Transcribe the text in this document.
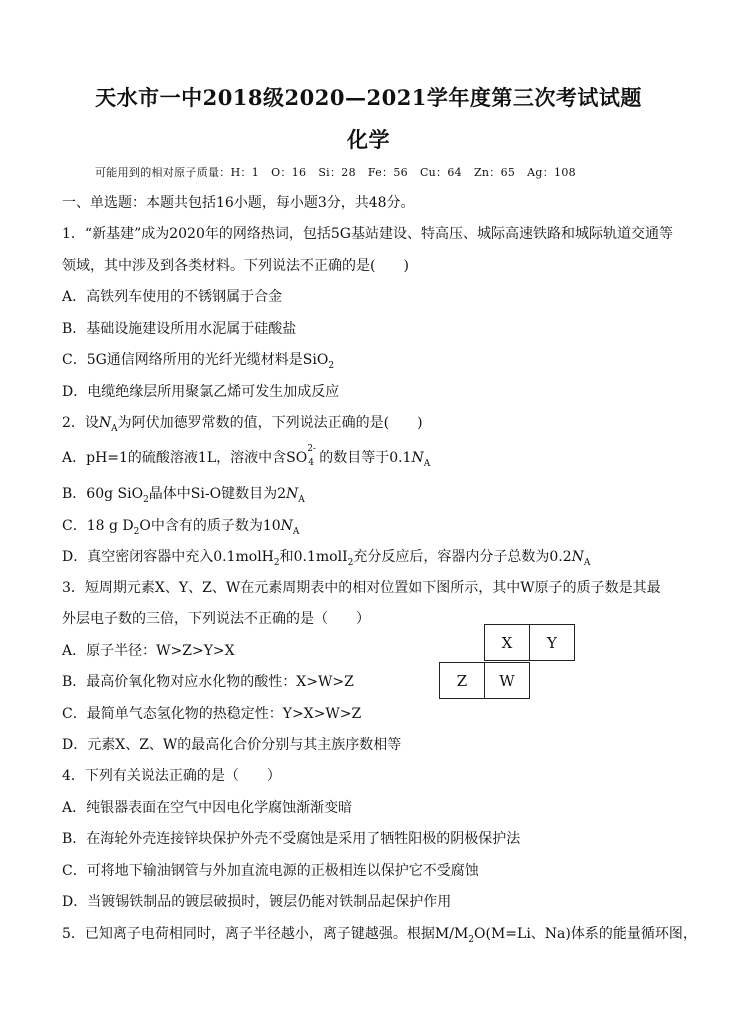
天水市一中2018级2020—2021学年度第三次考试试题
化学
可能用到的相对原子质量：H：1 O：16 Si：28 Fe：56 Cu：64 Zn：65 Ag：108
一、单选题：本题共包括16小题，每小题3分，共48分。
1．“新基建”成为2020年的网络热词，包括5G基站建设、特高压、城际高速铁路和城际轨道交通等
领域，其中涉及到各类材料。下列说法不正确的是(　　)
A．高铁列车使用的不锈钢属于合金
B．基础设施建设所用水泥属于硅酸盐
C．5G通信网络所用的光纤光缆材料是SiO$_2$
D．电缆绝缘层所用聚氯乙烯可发生加成反应
2．设$N_A$为阿伏加德罗常数的值，下列说法正确的是(　　)
A．pH=1的硫酸溶液1L，溶液中含SO
2-
4 的数目等于$0.1N_A$
B．60g SiO$_2$晶体中Si-O键数目为$2N_A$
C．18 g $D_2O$中含有的质子数为$10N_A$
D．真空密闭容器中充入0.1molH$_2$和0.1molI$_2$充分反应后，容器内分子总数为$0.2N_A$
3．短周期元素X、Y、Z、W在元素周期表中的相对位置如下图所示，其中W原子的质子数是其最
外层电子数的三倍，下列说法不正确的是（　　）
A．原子半径：W>Z>Y>X
B．最高价氧化物对应水化物的酸性：X>W>Z
C．最简单气态氢化物的热稳定性：Y>X>W>Z
D．元素X、Z、W的最高化合价分别与其主族序数相等
X	Y
Z	W
4．下列有关说法正确的是（　　）
A．纯银器表面在空气中因电化学腐蚀渐渐变暗
B．在海轮外壳连接锌块保护外壳不受腐蚀是采用了牺牲阳极的阴极保护法
C．可将地下输油钢管与外加直流电源的正极相连以保护它不受腐蚀
D．当镀锡铁制品的镀层破损时，镀层仍能对铁制品起保护作用
5．已知离子电荷相同时，离子半径越小，离子键越强。根据$M/M_2O(M=Li$、Na)体系的能量循环图，
